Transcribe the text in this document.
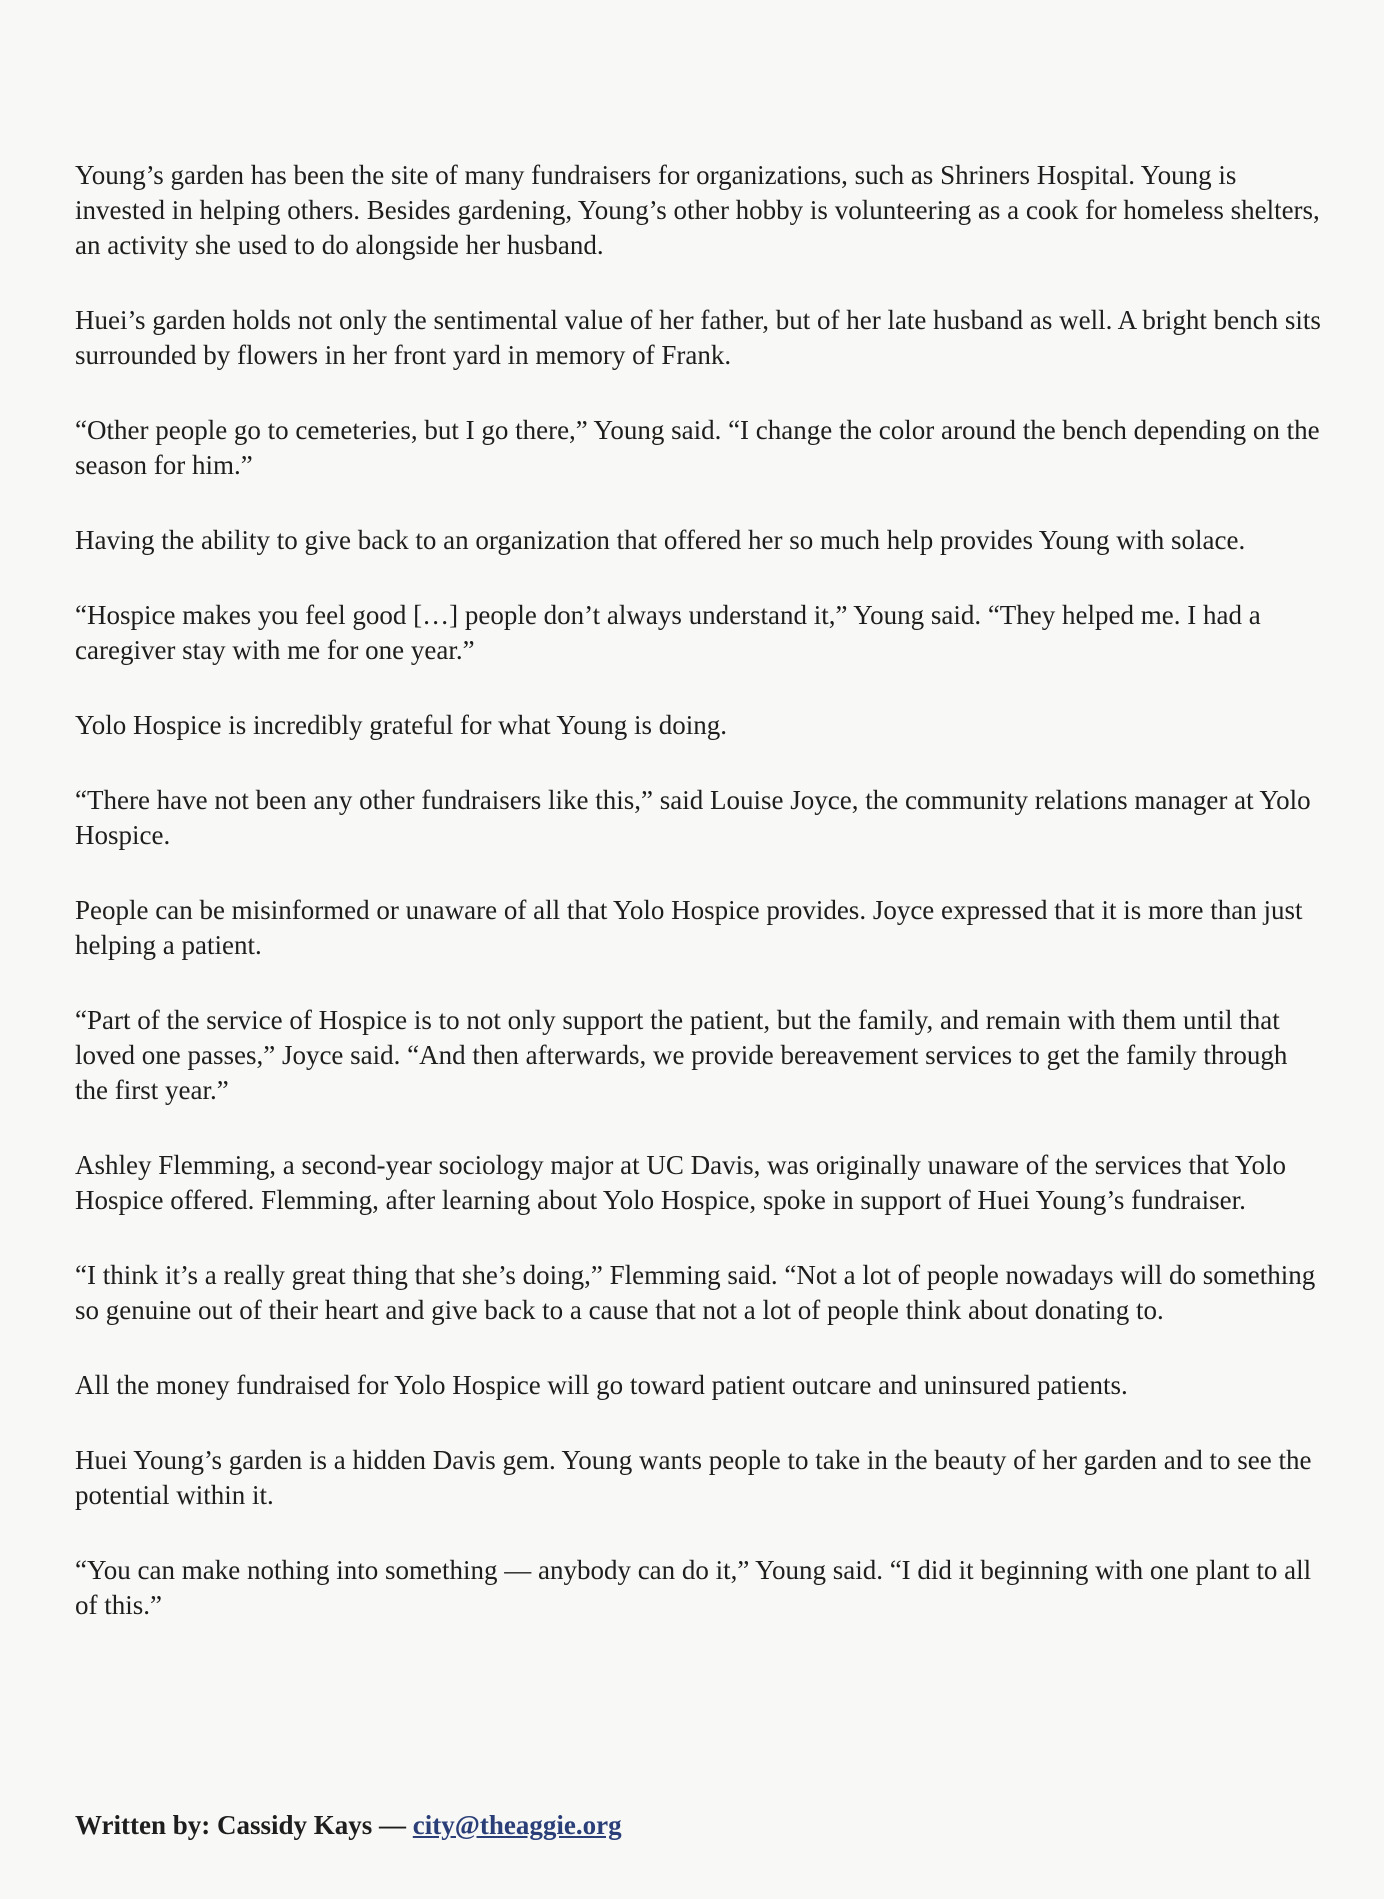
Young’s garden has been the site of many fundraisers for organizations, such as Shriners Hospital. Young is invested in helping others. Besides gardening, Young’s other hobby is volunteering as a cook for homeless shelters, an activity she used to do alongside her husband.

Huei’s garden holds not only the sentimental value of her father, but of her late husband as well. A bright bench sits surrounded by flowers in her front yard in memory of Frank.

“Other people go to cemeteries, but I go there,” Young said. “I change the color around the bench depending on the season for him.”

Having the ability to give back to an organization that offered her so much help provides Young with solace.

“Hospice makes you feel good […] people don’t always understand it,” Young said. “They helped me. I had a caregiver stay with me for one year.”

Yolo Hospice is incredibly grateful for what Young is doing.

“There have not been any other fundraisers like this,” said Louise Joyce, the community relations manager at Yolo Hospice.

People can be misinformed or unaware of all that Yolo Hospice provides. Joyce expressed that it is more than just helping a patient.

“Part of the service of Hospice is to not only support the patient, but the family, and remain with them until that loved one passes,” Joyce said. “And then afterwards, we provide bereavement services to get the family through the first year.”

Ashley Flemming, a second-year sociology major at UC Davis, was originally unaware of the services that Yolo Hospice offered. Flemming, after learning about Yolo Hospice, spoke in support of Huei Young’s fundraiser.

“I think it’s a really great thing that she’s doing,” Flemming said. “Not a lot of people nowadays will do something so genuine out of their heart and give back to a cause that not a lot of people think about donating to.

All the money fundraised for Yolo Hospice will go toward patient outcare and uninsured patients.

Huei Young’s garden is a hidden Davis gem. Young wants people to take in the beauty of her garden and to see the potential within it.

“You can make nothing into something — anybody can do it,” Young said. “I did it beginning with one plant to all of this.”

Written by: Cassidy Kays — city@theaggie.org
